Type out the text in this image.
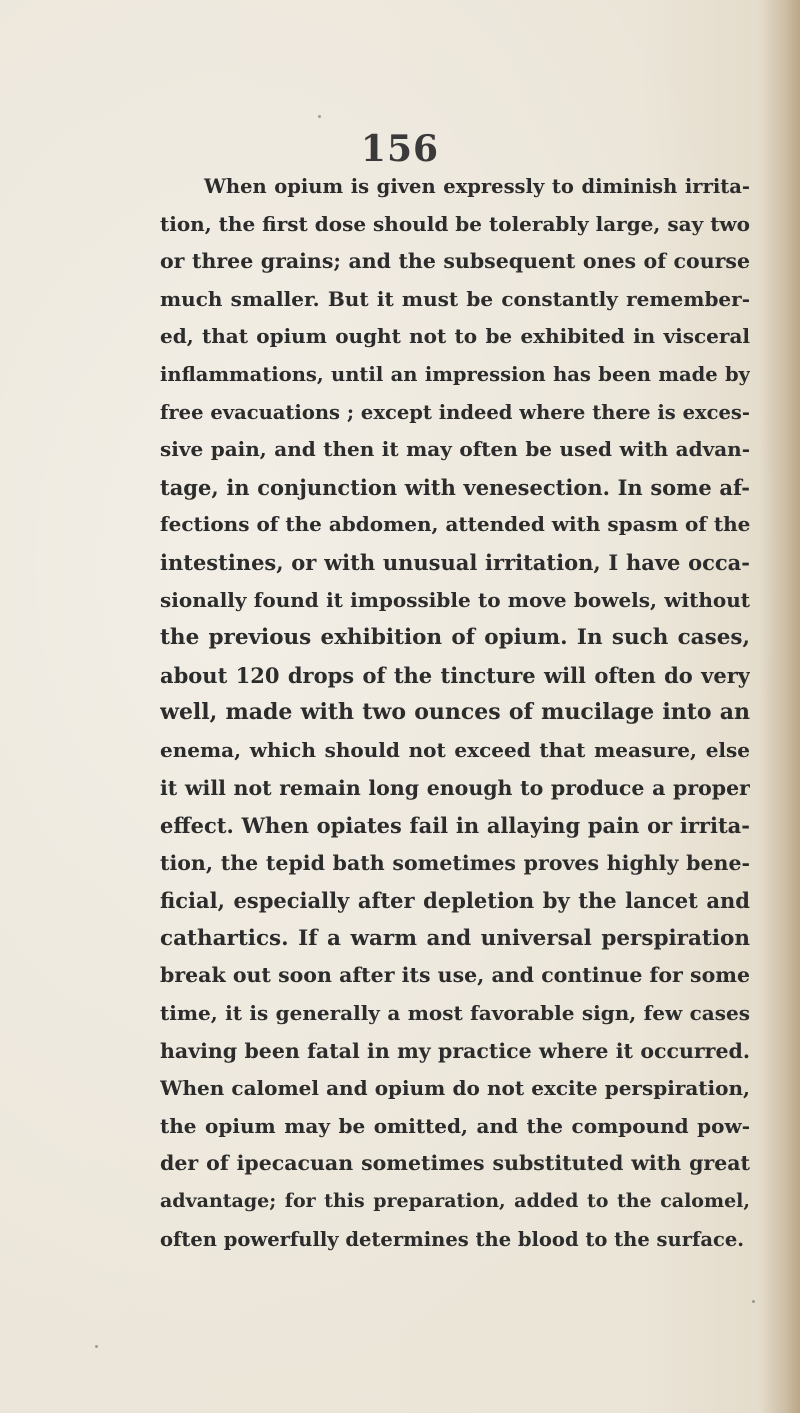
156
When opium is given expressly to diminish irrita-
tion, the first dose should be tolerably large, say two
or three grains; and the subsequent ones of course
much smaller. But it must be constantly remember-
ed, that opium ought not to be exhibited in visceral
inflammations, until an impression has been made by
free evacuations ; except indeed where there is exces-
sive pain, and then it may often be used with advan-
tage, in conjunction with venesection. In some af-
fections of the abdomen, attended with spasm of the
intestines, or with unusual irritation, I have occa-
sionally found it impossible to move bowels, without
the previous exhibition of opium. In such cases,
about 120 drops of the tincture will often do very
well, made with two ounces of mucilage into an
enema, which should not exceed that measure, else
it will not remain long enough to produce a proper
effect. When opiates fail in allaying pain or irrita-
tion, the tepid bath sometimes proves highly bene-
ficial, especially after depletion by the lancet and
cathartics. If a warm and universal perspiration
break out soon after its use, and continue for some
time, it is generally a most favorable sign, few cases
having been fatal in my practice where it occurred.
When calomel and opium do not excite perspiration,
the opium may be omitted, and the compound pow-
der of ipecacuan sometimes substituted with great
advantage; for this preparation, added to the calomel,
often powerfully determines the blood to the surface.
